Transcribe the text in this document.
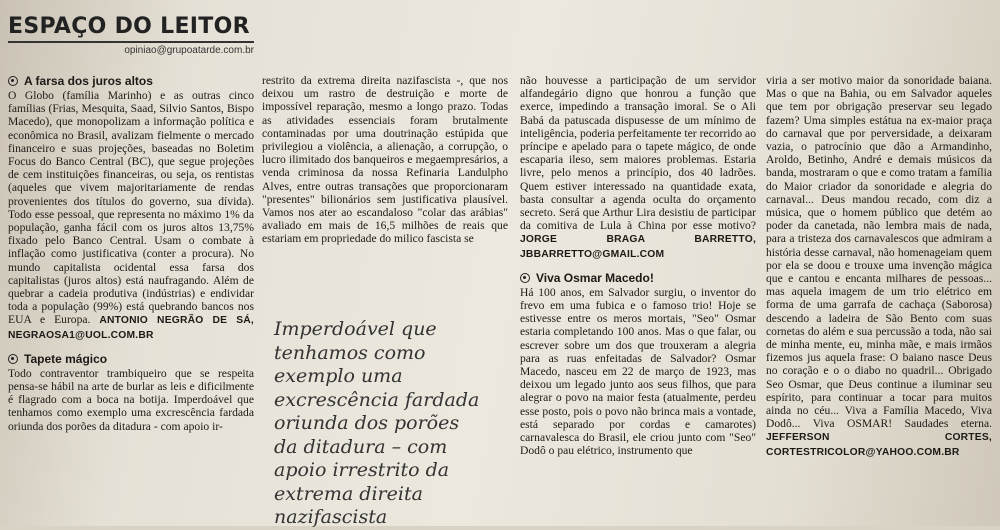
ESPAÇO DO LEITOR
opiniao@grupoatarde.com.br
A farsa dos juros altos

O Globo (família Marinho) e as outras cinco famílias (Frias, Mesquita, Saad, Silvio Santos, Bispo Macedo), que monopolizam a informação política e econômica no Brasil, avalizam fielmente o mercado financeiro e suas projeções, baseadas no Boletim Focus do Banco Central (BC), que segue projeções de cem instituições financeiras, ou seja, os rentistas (aqueles que vivem majoritariamente de rendas provenientes dos títulos do governo, sua dívida). Todo esse pessoal, que representa no máximo 1% da população, ganha fácil com os juros altos 13,75% fixado pelo Banco Central. Usam o combate à inflação como justificativa (conter a procura). No mundo capitalista ocidental essa farsa dos capitalistas (juros altos) está naufragando. Além de quebrar a cadeia produtiva (indústrias) e endividar toda a população (99%) está quebrando bancos nos EUA e Europa. ANTONIO NEGRÃO DE SÁ, NEGRAOSA1@UOL.COM.BR

Tapete mágico

Todo contraventor trambiqueiro que se respeita pensa-se hábil na arte de burlar as leis e dificilmente é flagrado com a boca na botija. Imperdoável que tenhamos como exemplo uma excrescência fardada oriunda dos porões da ditadura - com apoio ir-

restrito da extrema direita nazifascista -, que nos deixou um rastro de destruição e morte de impossível reparação, mesmo a longo prazo. Todas as atividades essenciais foram brutalmente contaminadas por uma doutrinação estúpida que privilegiou a violência, a alienação, a corrupção, o lucro ilimitado dos banqueiros e megaempresários, a venda criminosa da nossa Refinaria Landulpho Alves, entre outras transações que proporcionaram "presentes" bilionários sem justificativa plausível. Vamos nos ater ao escandaloso "colar das arábias" avaliado em mais de 16,5 milhões de reais que estariam em propriedade do milico fascista se

Imperdoável que tenhamos como exemplo uma excrescência fardada oriunda dos porões da ditadura – com apoio irrestrito da extrema direita nazifascista

não houvesse a participação de um servidor alfandegário digno que honrou a função que exerce, impedindo a transação imoral. Se o Ali Babá da patuscada dispusesse de um mínimo de inteligência, poderia perfeitamente ter recorrido ao príncipe e apelado para o tapete mágico, de onde escaparia ileso, sem maiores problemas. Estaria livre, pelo menos a princípio, dos 40 ladrões. Quem estiver interessado na quantidade exata, basta consultar a agenda oculta do orçamento secreto. Será que Arthur Lira desistiu de participar da comitiva de Lula à China por esse motivo? JORGE BRAGA BARRETTO, JBBARRETTO@GMAIL.COM

Viva Osmar Macedo!

Há 100 anos, em Salvador surgiu, o inventor do frevo em uma fubica e o famoso trio! Hoje se estivesse entre os meros mortais, "Seo" Osmar estaria completando 100 anos. Mas o que falar, ou escrever sobre um dos que trouxeram a alegria para as ruas enfeitadas de Salvador? Osmar Macedo, nasceu em 22 de março de 1923, mas deixou um legado junto aos seus filhos, que para alegrar o povo na maior festa (atualmente, perdeu esse posto, pois o povo não brinca mais a vontade, está separado por cordas e camarotes) carnavalesca do Brasil, ele criou junto com "Seo" Dodô o pau elétrico, instrumento que

viria a ser motivo maior da sonoridade baiana. Mas o que na Bahia, ou em Salvador aqueles que tem por obrigação preservar seu legado fazem? Uma simples estátua na ex-maior praça do carnaval que por perversidade, a deixaram vazia, o patrocínio que dão a Armandinho, Aroldo, Betinho, André e demais músicos da banda, mostraram o que e como tratam a família do Maior criador da sonoridade e alegria do carnaval... Deus mandou recado, com diz a música, que o homem público que detém ao poder da canetada, não lembra mais de nada, para a tristeza dos carnavalescos que admiram a história desse carnaval, não homenageiam quem por ela se doou e trouxe uma invenção mágica que e cantou e encanta milhares de pessoas... mas aquela imagem de um trio elétrico em forma de uma garrafa de cachaça (Saborosa) descendo a ladeira de São Bento com suas cornetas do além e sua percussão a toda, não sai de minha mente, eu, minha mãe, e mais irmãos fizemos jus aquela frase: O baiano nasce Deus no coração e o o diabo no quadril... Obrigado Seo Osmar, que Deus continue a iluminar seu espírito, para continuar a tocar para muitos ainda no céu... Viva a Família Macedo, Viva Dodô... Viva OSMAR! Saudades eterna. JEFFERSON CORTES, CORTESTRICOLOR@YAHOO.COM.BR
